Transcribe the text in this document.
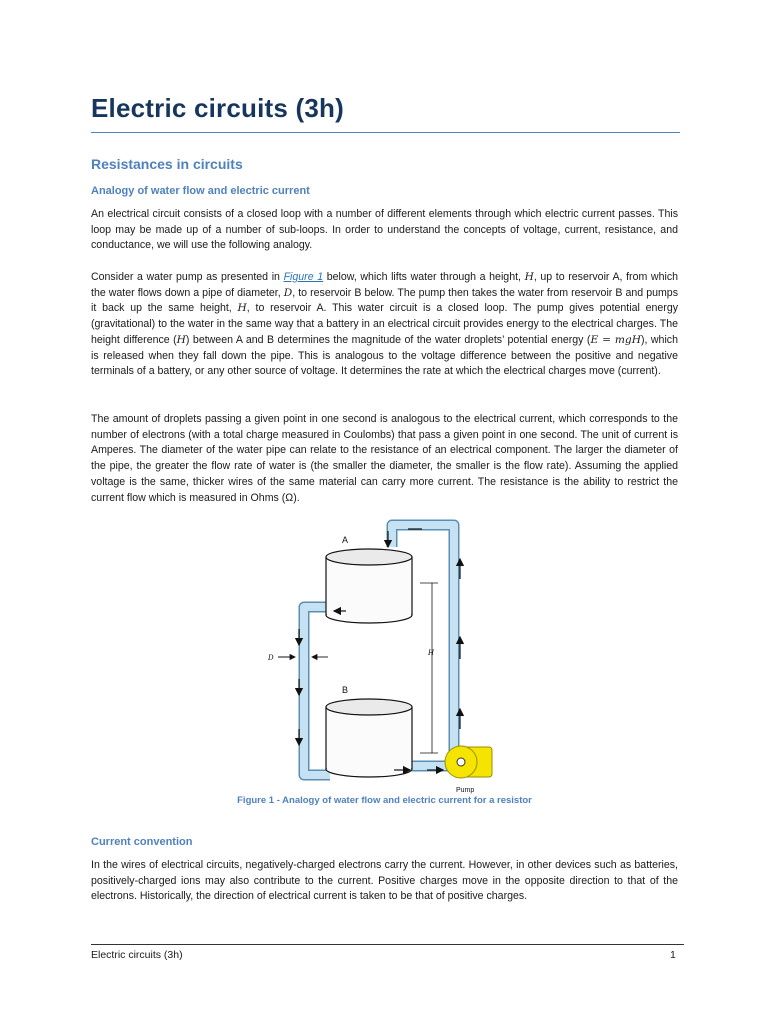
Electric circuits (3h)
Resistances in circuits
Analogy of water flow and electric current

An electrical circuit consists of a closed loop with a number of different elements through which electric current passes. This loop may be made up of a number of sub-loops. In order to understand the concepts of voltage, current, resistance, and conductance, we will use the following analogy.

Consider a water pump as presented in Figure 1 below, which lifts water through a height, H, up to reservoir A, from which the water flows down a pipe of diameter, D, to reservoir B below. The pump then takes the water from reservoir B and pumps it back up the same height, H, to reservoir A. This water circuit is a closed loop. The pump gives potential energy (gravitational) to the water in the same way that a battery in an electrical circuit provides energy to the electrical charges. The height difference (H) between A and B determines the magnitude of the water droplets’ potential energy (E = mgH), which is released when they fall down the pipe. This is analogous to the voltage difference between the positive and negative terminals of a battery, or any other source of voltage. It determines the rate at which the electrical charges move (current).

The amount of droplets passing a given point in one second is analogous to the electrical current, which corresponds to the number of electrons (with a total charge measured in Coulombs) that pass a given point in one second. The unit of current is Amperes. The diameter of the water pipe can relate to the resistance of an electrical component. The larger the diameter of the pipe, the greater the flow rate of water is (the smaller the diameter, the smaller is the flow rate). Assuming the applied voltage is the same, thicker wires of the same material can carry more current. The resistance is the ability to restrict the current flow which is measured in Ohms (Ω).

A
B
D
H
Pump

Figure 1 - Analogy of water flow and electric current for a resistor

Current convention

In the wires of electrical circuits, negatively-charged electrons carry the current. However, in other devices such as batteries, positively-charged ions may also contribute to the current. Positive charges move in the opposite direction to that of the electrons. Historically, the direction of electrical current is taken to be that of positive charges.

Electric circuits (3h)	1
